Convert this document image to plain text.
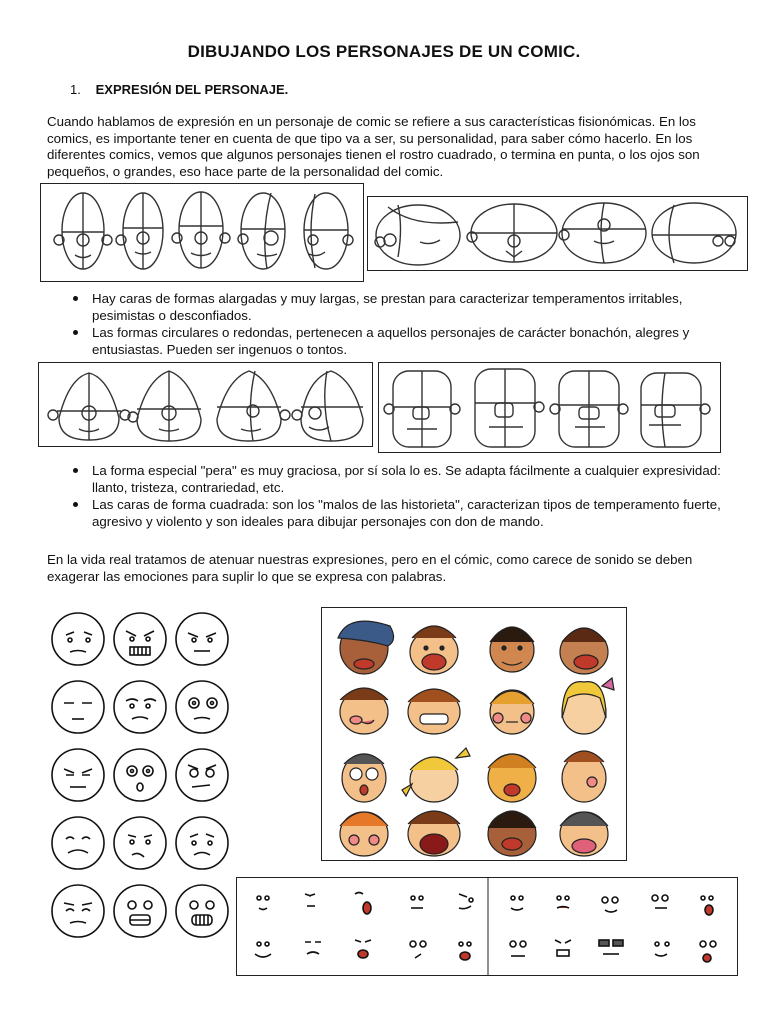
DIBUJANDO LOS PERSONAJES DE UN COMIC.
1. EXPRESIÓN DEL PERSONAJE.
Cuando hablamos de expresión en un personaje de comic se refiere a sus características fisionómicas. En los comics, es importante tener en cuenta de que tipo va a ser, su personalidad, para saber cómo hacerlo. En los diferentes comics, vemos que algunos personajes tienen el rostro cuadrado, o termina en punta, o los ojos son pequeños, o grandes, eso hace parte de la personalidad del comic.
Hay caras de formas alargadas y muy largas, se prestan para caracterizar temperamentos irritables, pesimistas o desconfiados.
Las formas circulares o redondas, pertenecen a aquellos personajes de carácter bonachón, alegres y entusiastas. Pueden ser ingenuos o tontos.
La forma especial "pera" es muy graciosa, por sí sola lo es. Se adapta fácilmente a cualquier expresividad: llanto, tristeza, contrariedad, etc.
Las caras de forma cuadrada: son los "malos de las historieta", caracterizan tipos de temperamento fuerte, agresivo y violento y son ideales para dibujar personajes con don de mando.
En la vida real tratamos de atenuar nuestras expresiones, pero en el cómic, como carece de sonido se deben exagerar las emociones para suplir lo que se expresa con palabras.
